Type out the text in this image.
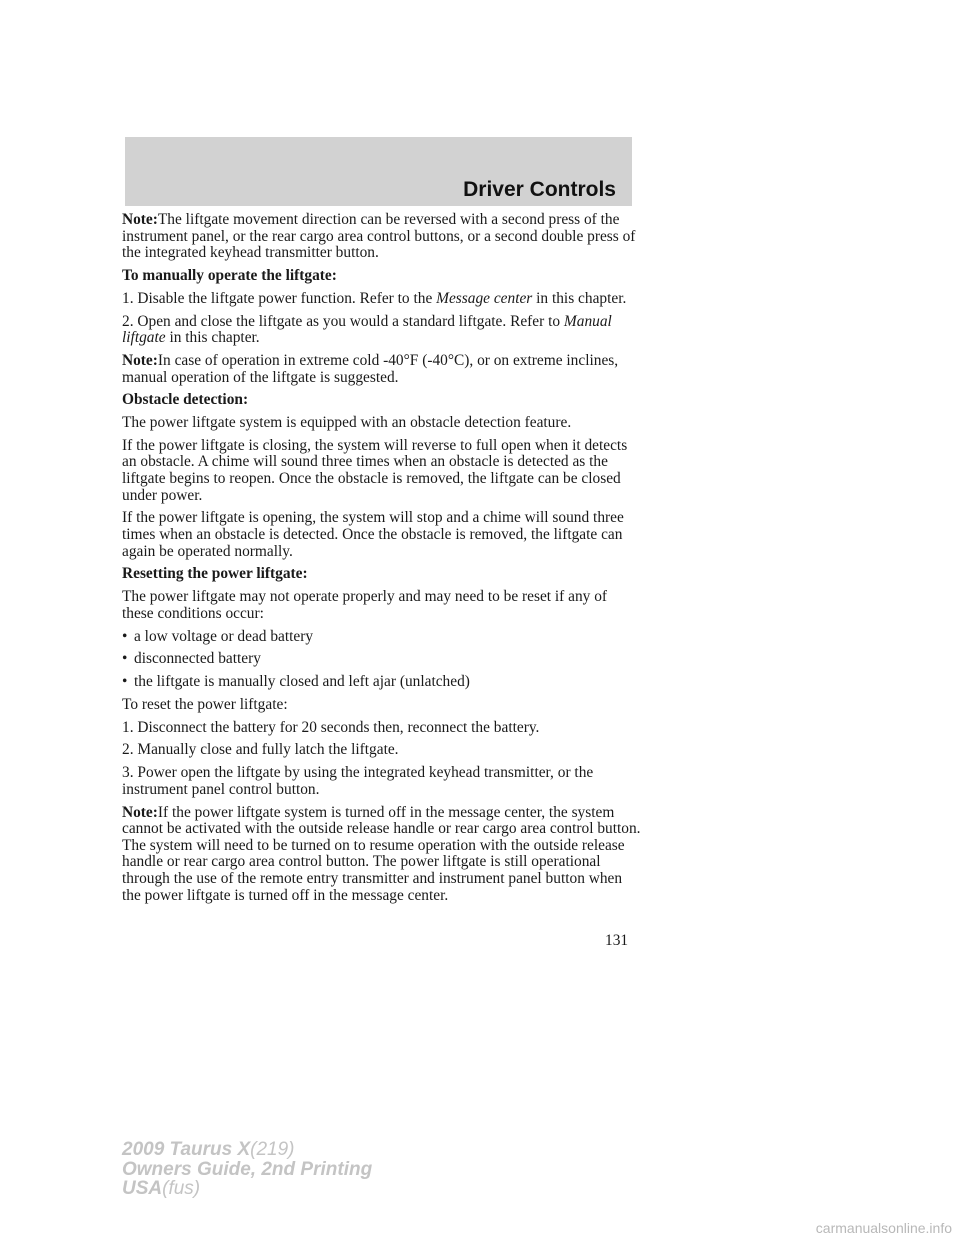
Driver Controls

Note:The liftgate movement direction can be reversed with a second press of the instrument panel, or the rear cargo area control buttons, or a second double press of the integrated keyhead transmitter button.

To manually operate the liftgate:

1. Disable the liftgate power function. Refer to the Message center in this chapter.

2. Open and close the liftgate as you would a standard liftgate. Refer to Manual liftgate in this chapter.

Note:In case of operation in extreme cold -40°F (-40°C), or on extreme inclines, manual operation of the liftgate is suggested.

Obstacle detection:

The power liftgate system is equipped with an obstacle detection feature.

If the power liftgate is closing, the system will reverse to full open when it detects an obstacle. A chime will sound three times when an obstacle is detected as the liftgate begins to reopen. Once the obstacle is removed, the liftgate can be closed under power.

If the power liftgate is opening, the system will stop and a chime will sound three times when an obstacle is detected. Once the obstacle is removed, the liftgate can again be operated normally.

Resetting the power liftgate:

The power liftgate may not operate properly and may need to be reset if any of these conditions occur:

• a low voltage or dead battery

• disconnected battery

• the liftgate is manually closed and left ajar (unlatched)

To reset the power liftgate:

1. Disconnect the battery for 20 seconds then, reconnect the battery.

2. Manually close and fully latch the liftgate.

3. Power open the liftgate by using the integrated keyhead transmitter, or the instrument panel control button.

Note:If the power liftgate system is turned off in the message center, the system cannot be activated with the outside release handle or rear cargo area control button. The system will need to be turned on to resume operation with the outside release handle or rear cargo area control button. The power liftgate is still operational through the use of the remote entry transmitter and instrument panel button when the power liftgate is turned off in the message center.

131
2009 Taurus X(219)
Owners Guide, 2nd Printing
USA(fus)
carmanualsonline.info
